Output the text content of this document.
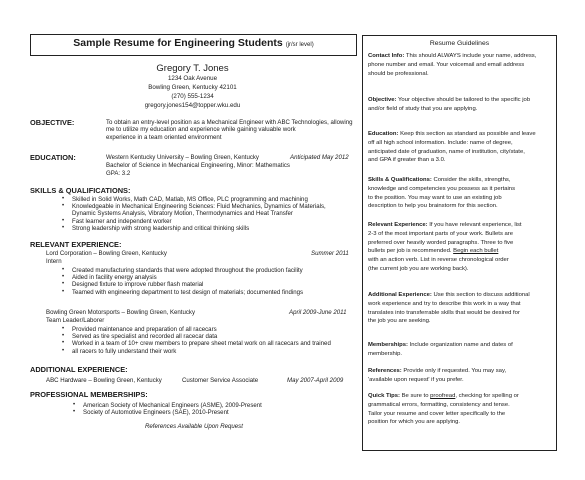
Sample Resume for Engineering Students (jr/sr level)
Gregory T. Jones
1234 Oak Avenue
Bowling Green, Kentucky 42101
(270) 555-1234
gregory.jones154@topper.wku.edu
OBJECTIVE:	To obtain an entry-level position as a Mechanical Engineer with ABC Technologies, allowing
me to utilize my education and experience while gaining valuable work
experience in a team oriented environment
EDUCATION:	Western Kentucky University – Bowling Green, Kentucky	Anticipated May 2012
Bachelor of Science in Mechanical Engineering, Minor: Mathematics
GPA: 3.2
SKILLS & QUALIFICATIONS:
• Skilled in Solid Works, Math CAD, Matlab, MS Office, PLC programming and machining
• Knowledgeable in Mechanical Engineering Sciences: Fluid Mechanics, Dynamics of Materials,
Dynamic Systems Analysis, Vibratory Motion, Thermodynamics and Heat Transfer
• Fast learner and independent worker
• Strong leadership with strong leadership and critical thinking skills
RELEVANT EXPERIENCE:
Lord Corporation – Bowling Green, Kentucky	Summer 2011
Intern
• Created manufacturing standards that were adopted throughout the production facility
• Aided in facility energy analysis
• Designed fixture to improve rubber flash material
• Teamed with engineering department to test design of materials; documented findings
Bowling Green Motorsports – Bowling Green, Kentucky	April 2009-June 2011
Team Leader/Laborer
• Provided maintenance and preparation of all racecars
• Served as tire specialist and recorded all racecar data
• Worked in a team of 10+ crew members to prepare sheet metal work on all racecars and trained
• all racers to fully understand their work
ADDITIONAL EXPERIENCE:
ABC Hardware – Bowling Green, Kentucky	Customer Service Associate	May 2007-April 2009
PROFESSIONAL MEMBERSHIPS:
• American Society of Mechanical Engineers (ASME), 2009-Present
• Society of Automotive Engineers (SAE), 2010-Present
References Available Upon Request
Resume Guidelines
Contact Info: This should ALWAYS include your name, address,
phone number and email. Your voicemail and email address
should be professional.
Objective: Your objective should be tailored to the specific job
and/or field of study that you are applying.
Education: Keep this section as standard as possible and leave
off all high school information. Include: name of degree,
anticipated date of graduation, name of institution, city/state,
and GPA if greater than a 3.0.
Skills & Qualifications: Consider the skills, strengths,
knowledge and competencies you possess as it pertains
to the position. You may want to use an existing job
description to help you brainstorm for this section.
Relevant Experience: If you have relevant experience, list
2-3 of the most important parts of your work. Bullets are
preferred over heavily worded paragraphs. Three to five
bullets per job is recommended. Begin each bullet
with an action verb. List in reverse chronological order
(the current job you are working back).
Additional Experience: Use this section to discuss additional
work experience and try to describe this work in a way that
translates into transferrable skills that would be desired for
the job you are seeking.
Memberships: Include organization name and dates of
membership.
References: Provide only if requested. You may say,
'available upon request' if you prefer.
Quick Tips: Be sure to proofread, checking for spelling or
grammatical errors, formatting, consistency and tense.
Tailor your resume and cover letter specifically to the
position for which you are applying.
